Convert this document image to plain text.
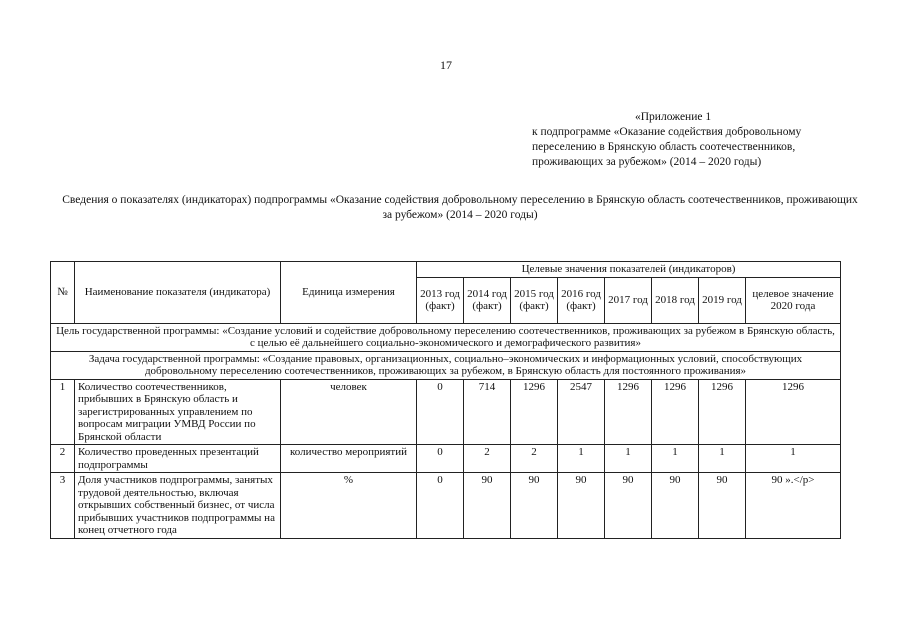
17
«Приложение 1
к подпрограмме «Оказание содействия добровольному переселению в Брянскую область соотечественников, проживающих за рубежом» (2014 – 2020 годы)
Сведения о показателях (индикаторах) подпрограммы «Оказание содействия добровольному переселению в Брянскую область соотечественников, проживающих за рубежом» (2014 – 2020 годы)
№	Наименование показателя (индикатора)	Единица измерения	Целевые значения показателей (индикаторов)							
			2013 год (факт)	2014 год (факт)	2015 год (факт)	2016 год (факт)	2017 год	2018 год	2019 год	целевое значение 2020 года
Цель государственной программы: «Создание условий и содействие добровольному переселению соотечественников, проживающих за рубежом в Брянскую область, с целью её дальнейшего социально-экономического и демографического развития»										
Задача государственной программы: «Создание правовых, организационных, социально–экономических и информационных условий, способствующих добровольному переселению соотечественников, проживающих за рубежом, в Брянскую область для постоянного проживания»										
1	Количество соотечественников, прибывших в Брянскую область и зарегистрированных управлением по вопросам миграции УМВД России по Брянской области	человек	0	714	1296	2547	1296	1296	1296	1296
2	Количество проведенных презентаций подпрограммы	количество мероприятий	0	2	2	1	1	1	1	1
3	Доля участников подпрограммы, занятых трудовой деятельностью, включая открывших собственный бизнес, от числа прибывших участников подпрограммы на конец отчетного года	%	0	90	90	90	90	90	90	90 ».</p>
